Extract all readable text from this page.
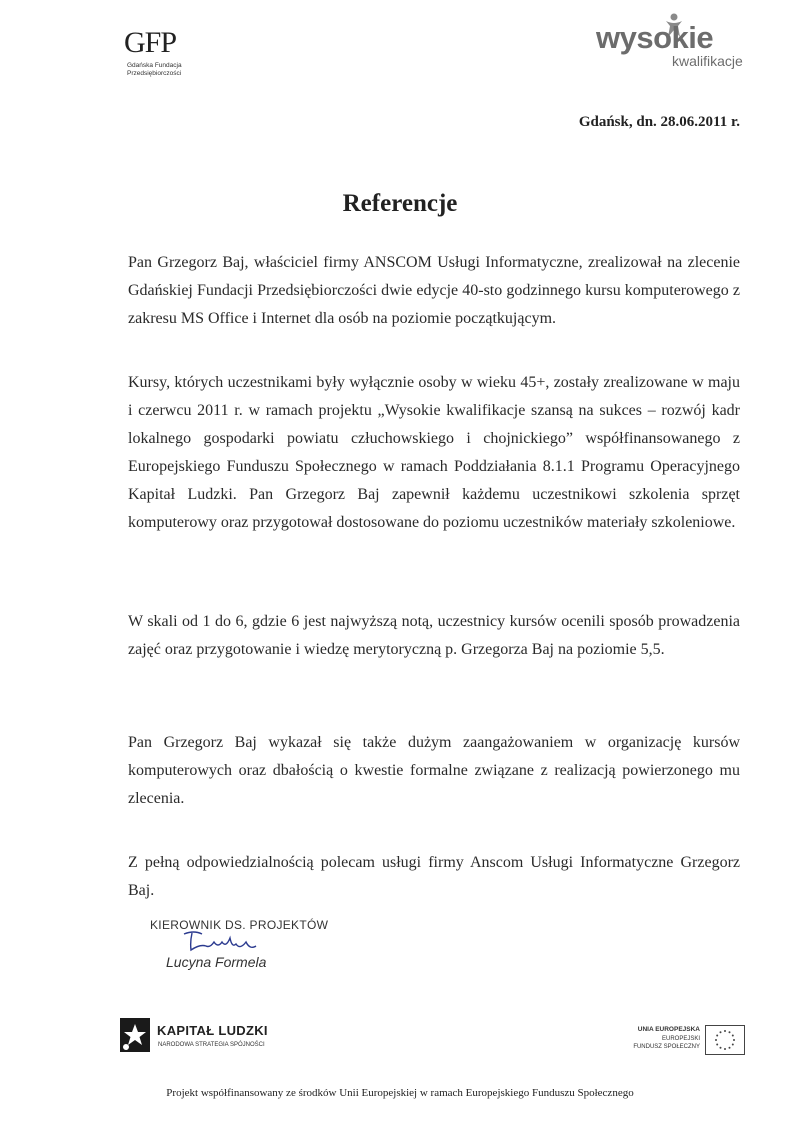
GFP
Gdańska Fundacja
Przedsiębiorczości
wysokie
kwalifikacje
Gdańsk, dn. 28.06.2011 r.
Referencje
Pan Grzegorz Baj, właściciel firmy ANSCOM Usługi Informatyczne, zrealizował na zlecenie Gdańskiej Fundacji Przedsiębiorczości dwie edycje 40-sto godzinnego kursu komputerowego z zakresu MS Office i Internet dla osób na poziomie początkującym.
Kursy, których uczestnikami były wyłącznie osoby w wieku 45+, zostały zrealizowane w maju i czerwcu 2011 r. w ramach projektu „Wysokie kwalifikacje szansą na sukces – rozwój kadr lokalnego gospodarki powiatu człuchowskiego i chojnickiego” współfinansowanego z Europejskiego Funduszu Społecznego w ramach Poddziałania 8.1.1 Programu Operacyjnego Kapitał Ludzki. Pan Grzegorz Baj zapewnił każdemu uczestnikowi szkolenia sprzęt komputerowy oraz przygotował dostosowane do poziomu uczestników materiały szkoleniowe.
W skali od 1 do 6, gdzie 6 jest najwyższą notą, uczestnicy kursów ocenili sposób prowadzenia zajęć oraz przygotowanie i wiedzę merytoryczną p. Grzegorza Baj na poziomie 5,5.
Pan Grzegorz Baj wykazał się także dużym zaangażowaniem w organizację kursów komputerowych oraz dbałością o kwestie formalne związane z realizacją powierzonego mu zlecenia.
Z pełną odpowiedzialnością polecam usługi firmy Anscom Usługi Informatyczne Grzegorz Baj.
KIEROWNIK DS. PROJEKTÓW
Lucyna Formela
KAPITAŁ LUDZKI
NARODOWA STRATEGIA SPÓJNOŚCI
UNIA EUROPEJSKA
EUROPEJSKI
FUNDUSZ SPOŁECZNY
Projekt współfinansowany ze środków Unii Europejskiej w ramach Europejskiego Funduszu Społecznego
